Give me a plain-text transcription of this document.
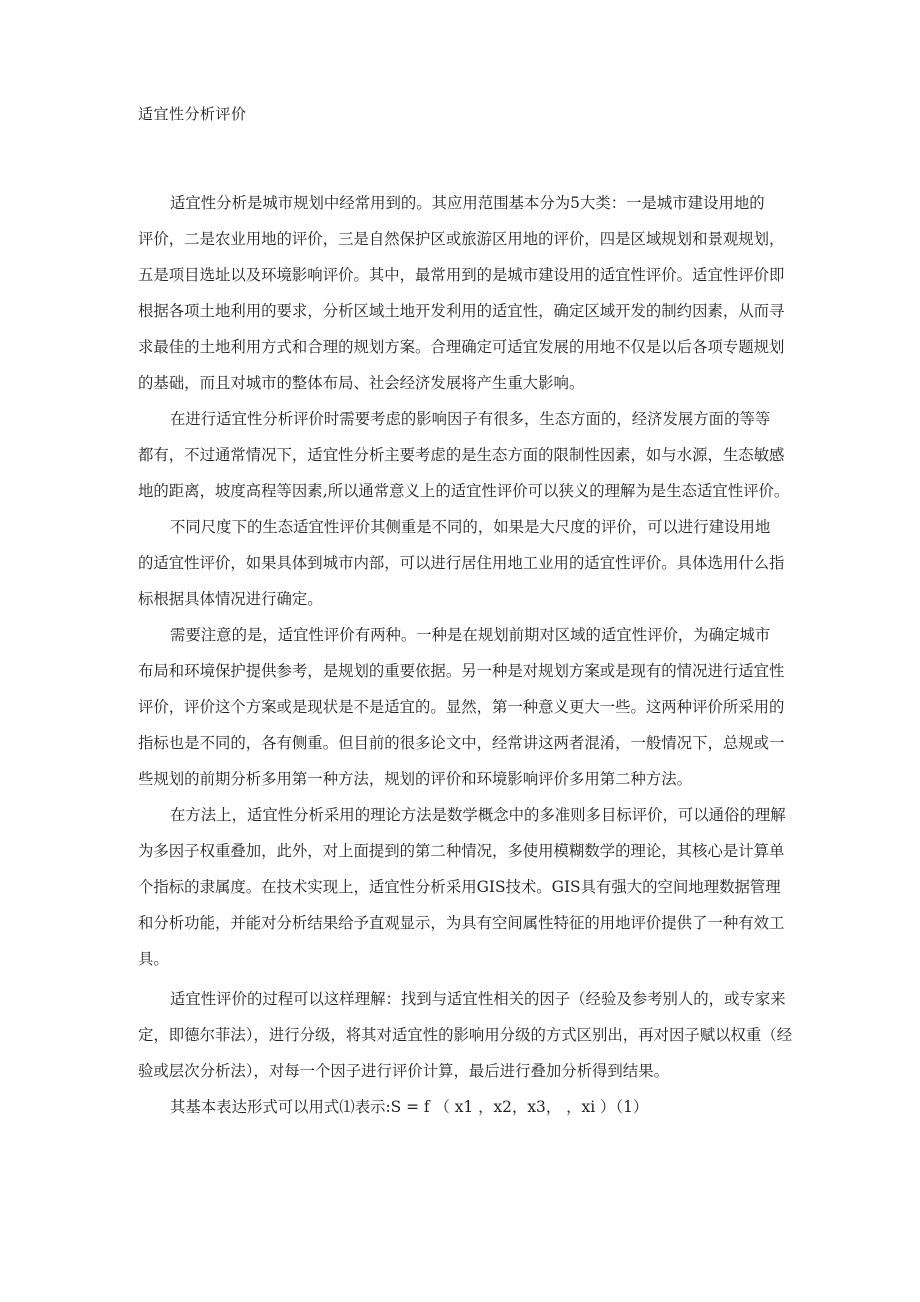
适宜性分析评价
适宜性分析是城市规划中经常用到的。其应用范围基本分为5大类：一是城市建设用地的
评价，二是农业用地的评价，三是自然保护区或旅游区用地的评价，四是区域规划和景观规划，
五是项目选址以及环境影响评价。其中，最常用到的是城市建设用的适宜性评价。适宜性评价即
根据各项土地利用的要求，分析区域土地开发利用的适宜性，确定区域开发的制约因素，从而寻
求最佳的土地利用方式和合理的规划方案。合理确定可适宜发展的用地不仅是以后各项专题规划
的基础，而且对城市的整体布局、社会经济发展将产生重大影响。
在进行适宜性分析评价时需要考虑的影响因子有很多，生态方面的，经济发展方面的等等
都有，不过通常情况下，适宜性分析主要考虑的是生态方面的限制性因素，如与水源，生态敏感
地的距离，坡度高程等因素,所以通常意义上的适宜性评价可以狭义的理解为是生态适宜性评价。
不同尺度下的生态适宜性评价其侧重是不同的，如果是大尺度的评价，可以进行建设用地
的适宜性评价，如果具体到城市内部，可以进行居住用地工业用的适宜性评价。具体选用什么指
标根据具体情况进行确定。
需要注意的是，适宜性评价有两种。一种是在规划前期对区域的适宜性评价，为确定城市
布局和环境保护提供参考，是规划的重要依据。另一种是对规划方案或是现有的情况进行适宜性
评价，评价这个方案或是现状是不是适宜的。显然，第一种意义更大一些。这两种评价所采用的
指标也是不同的，各有侧重。但目前的很多论文中，经常讲这两者混淆，一般情况下，总规或一
些规划的前期分析多用第一种方法，规划的评价和环境影响评价多用第二种方法。
在方法上，适宜性分析采用的理论方法是数学概念中的多准则多目标评价，可以通俗的理解
为多因子权重叠加，此外，对上面提到的第二种情况，多使用模糊数学的理论，其核心是计算单
个指标的隶属度。在技术实现上，适宜性分析采用GIS技术。GIS具有强大的空间地理数据管理
和分析功能，并能对分析结果给予直观显示，为具有空间属性特征的用地评价提供了一种有效工
具。
适宜性评价的过程可以这样理解：找到与适宜性相关的因子（经验及参考别人的，或专家来
定，即德尔菲法），进行分级，将其对适宜性的影响用分级的方式区别出，再对因子赋以权重（经
验或层次分析法），对每一个因子进行评价计算，最后进行叠加分析得到结果。
其基本表达形式可以用式⑴表示:S = f （ x1 ，x2，x3， ，xi ）（1）
